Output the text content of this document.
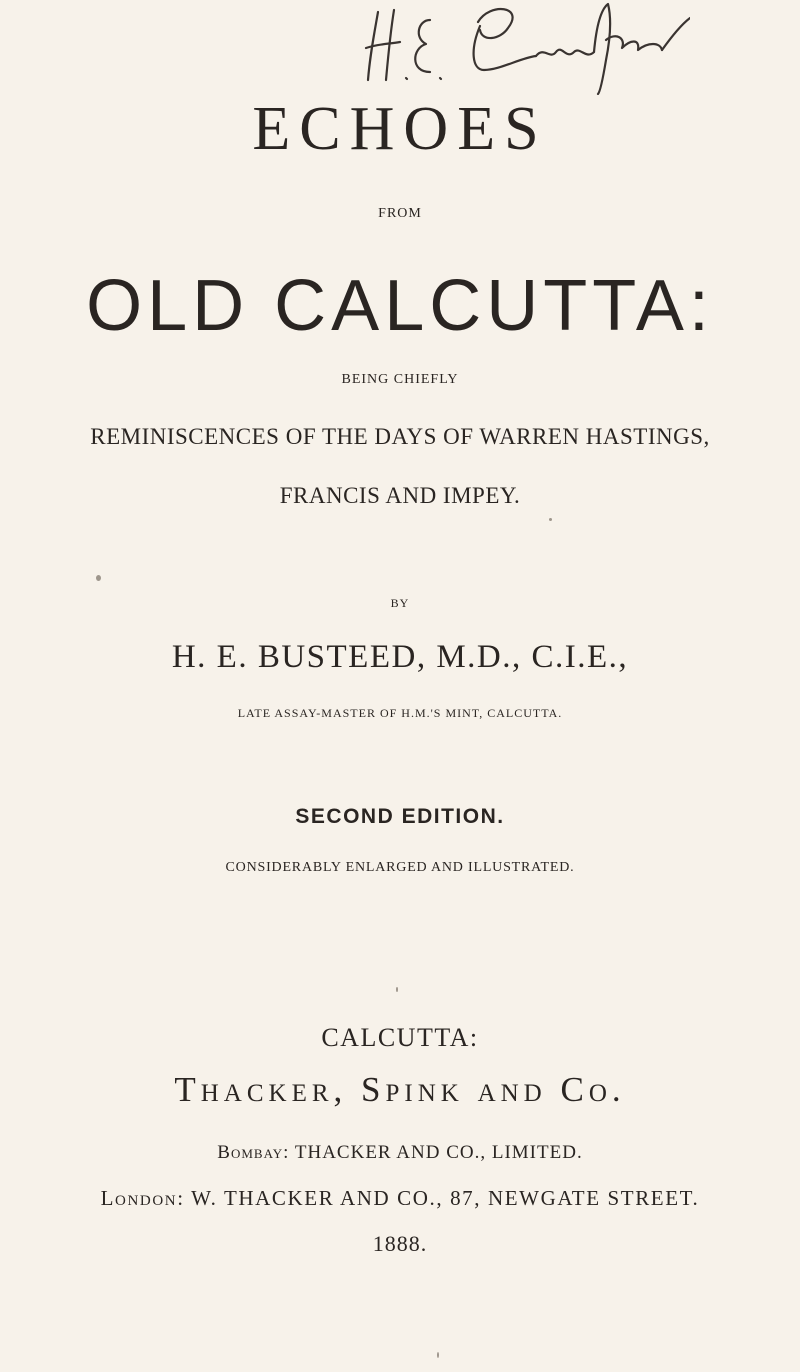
ECHOES
FROM
OLD CALCUTTA:
BEING CHIEFLY
REMINISCENCES OF THE DAYS OF WARREN HASTINGS,
FRANCIS AND IMPEY.
BY
H. E. BUSTEED, M.D., C.I.E.,
LATE ASSAY-MASTER OF H.M.'S MINT, CALCUTTA.
SECOND EDITION.
CONSIDERABLY ENLARGED AND ILLUSTRATED.
CALCUTTA:
Thacker, Spink and Co.
Bombay: THACKER AND CO., LIMITED.
London: W. THACKER AND CO., 87, NEWGATE STREET.
1888.
